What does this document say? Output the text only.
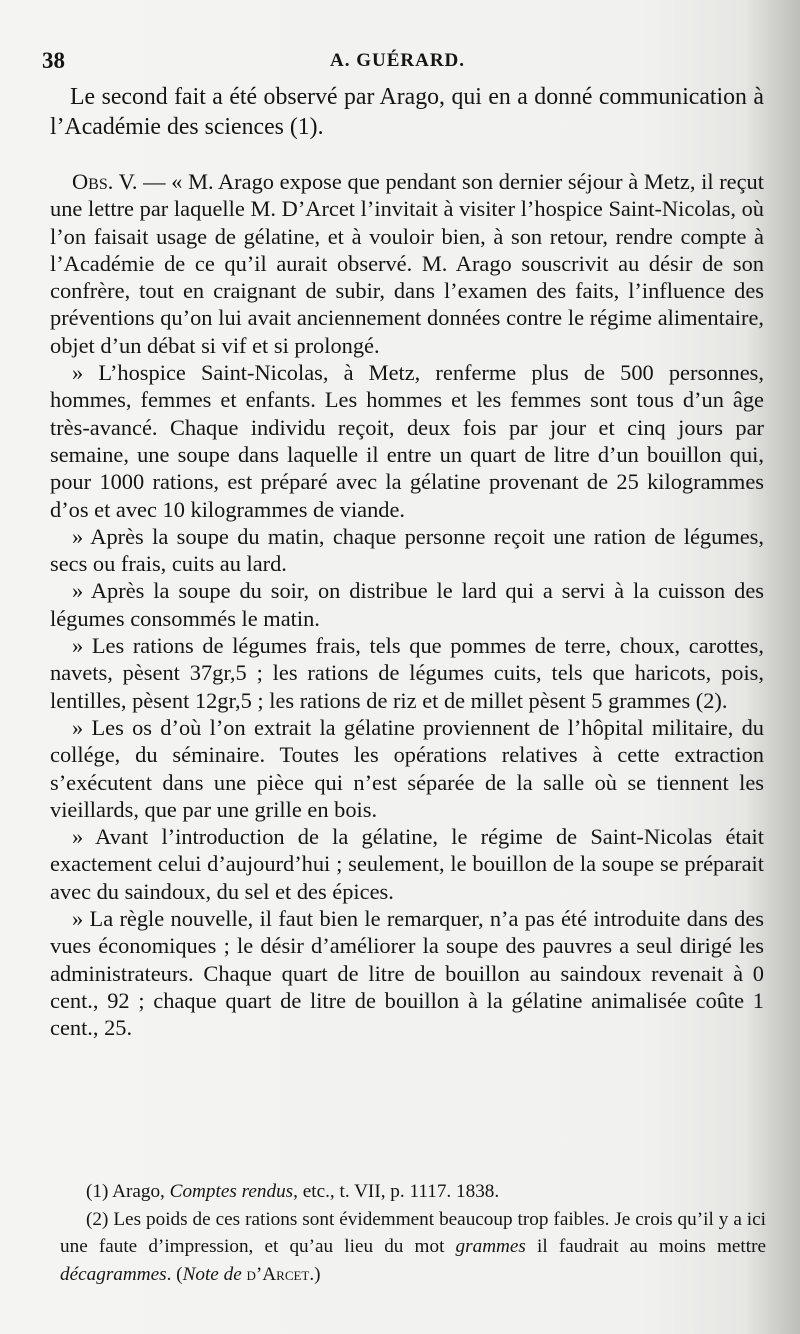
38	A. GUÉRARD.

Le second fait a été observé par Arago, qui en a donné communication à l’Académie des sciences (1).

Obs. V. — « M. Arago expose que pendant son dernier séjour à Metz, il reçut une lettre par laquelle M. D’Arcet l’invitait à visiter l’hospice Saint-Nicolas, où l’on faisait usage de gélatine, et à vouloir bien, à son retour, rendre compte à l’Académie de ce qu’il aurait observé. M. Arago souscrivit au désir de son confrère, tout en craignant de subir, dans l’examen des faits, l’influence des préventions qu’on lui avait anciennement données contre le régime alimentaire, objet d’un débat si vif et si prolongé.

» L’hospice Saint-Nicolas, à Metz, renferme plus de 500 personnes, hommes, femmes et enfants. Les hommes et les femmes sont tous d’un âge très-avancé. Chaque individu reçoit, deux fois par jour et cinq jours par semaine, une soupe dans laquelle il entre un quart de litre d’un bouillon qui, pour 1000 rations, est préparé avec la gélatine provenant de 25 kilogrammes d’os et avec 10 kilogrammes de viande.

» Après la soupe du matin, chaque personne reçoit une ration de légumes, secs ou frais, cuits au lard.

» Après la soupe du soir, on distribue le lard qui a servi à la cuisson des légumes consommés le matin.

» Les rations de légumes frais, tels que pommes de terre, choux, carottes, navets, pèsent 37gr,5 ; les rations de légumes cuits, tels que haricots, pois, lentilles, pèsent 12gr,5 ; les rations de riz et de millet pèsent 5 grammes (2).

» Les os d’où l’on extrait la gélatine proviennent de l’hôpital militaire, du collége, du séminaire. Toutes les opérations relatives à cette extraction s’exécutent dans une pièce qui n’est séparée de la salle où se tiennent les vieillards, que par une grille en bois.

» Avant l’introduction de la gélatine, le régime de Saint-Nicolas était exactement celui d’aujourd’hui ; seulement, le bouillon de la soupe se préparait avec du saindoux, du sel et des épices.

» La règle nouvelle, il faut bien le remarquer, n’a pas été introduite dans des vues économiques ; le désir d’améliorer la soupe des pauvres a seul dirigé les administrateurs. Chaque quart de litre de bouillon au saindoux revenait à 0 cent., 92 ; chaque quart de litre de bouillon à la gélatine animalisée coûte 1 cent., 25.

(1) Arago, Comptes rendus, etc., t. VII, p. 1117. 1838.

(2) Les poids de ces rations sont évidemment beaucoup trop faibles. Je crois qu’il y a ici une faute d’impression, et qu’au lieu du mot grammes il faudrait au moins mettre décagrammes. (Note de d’Arcet.)
